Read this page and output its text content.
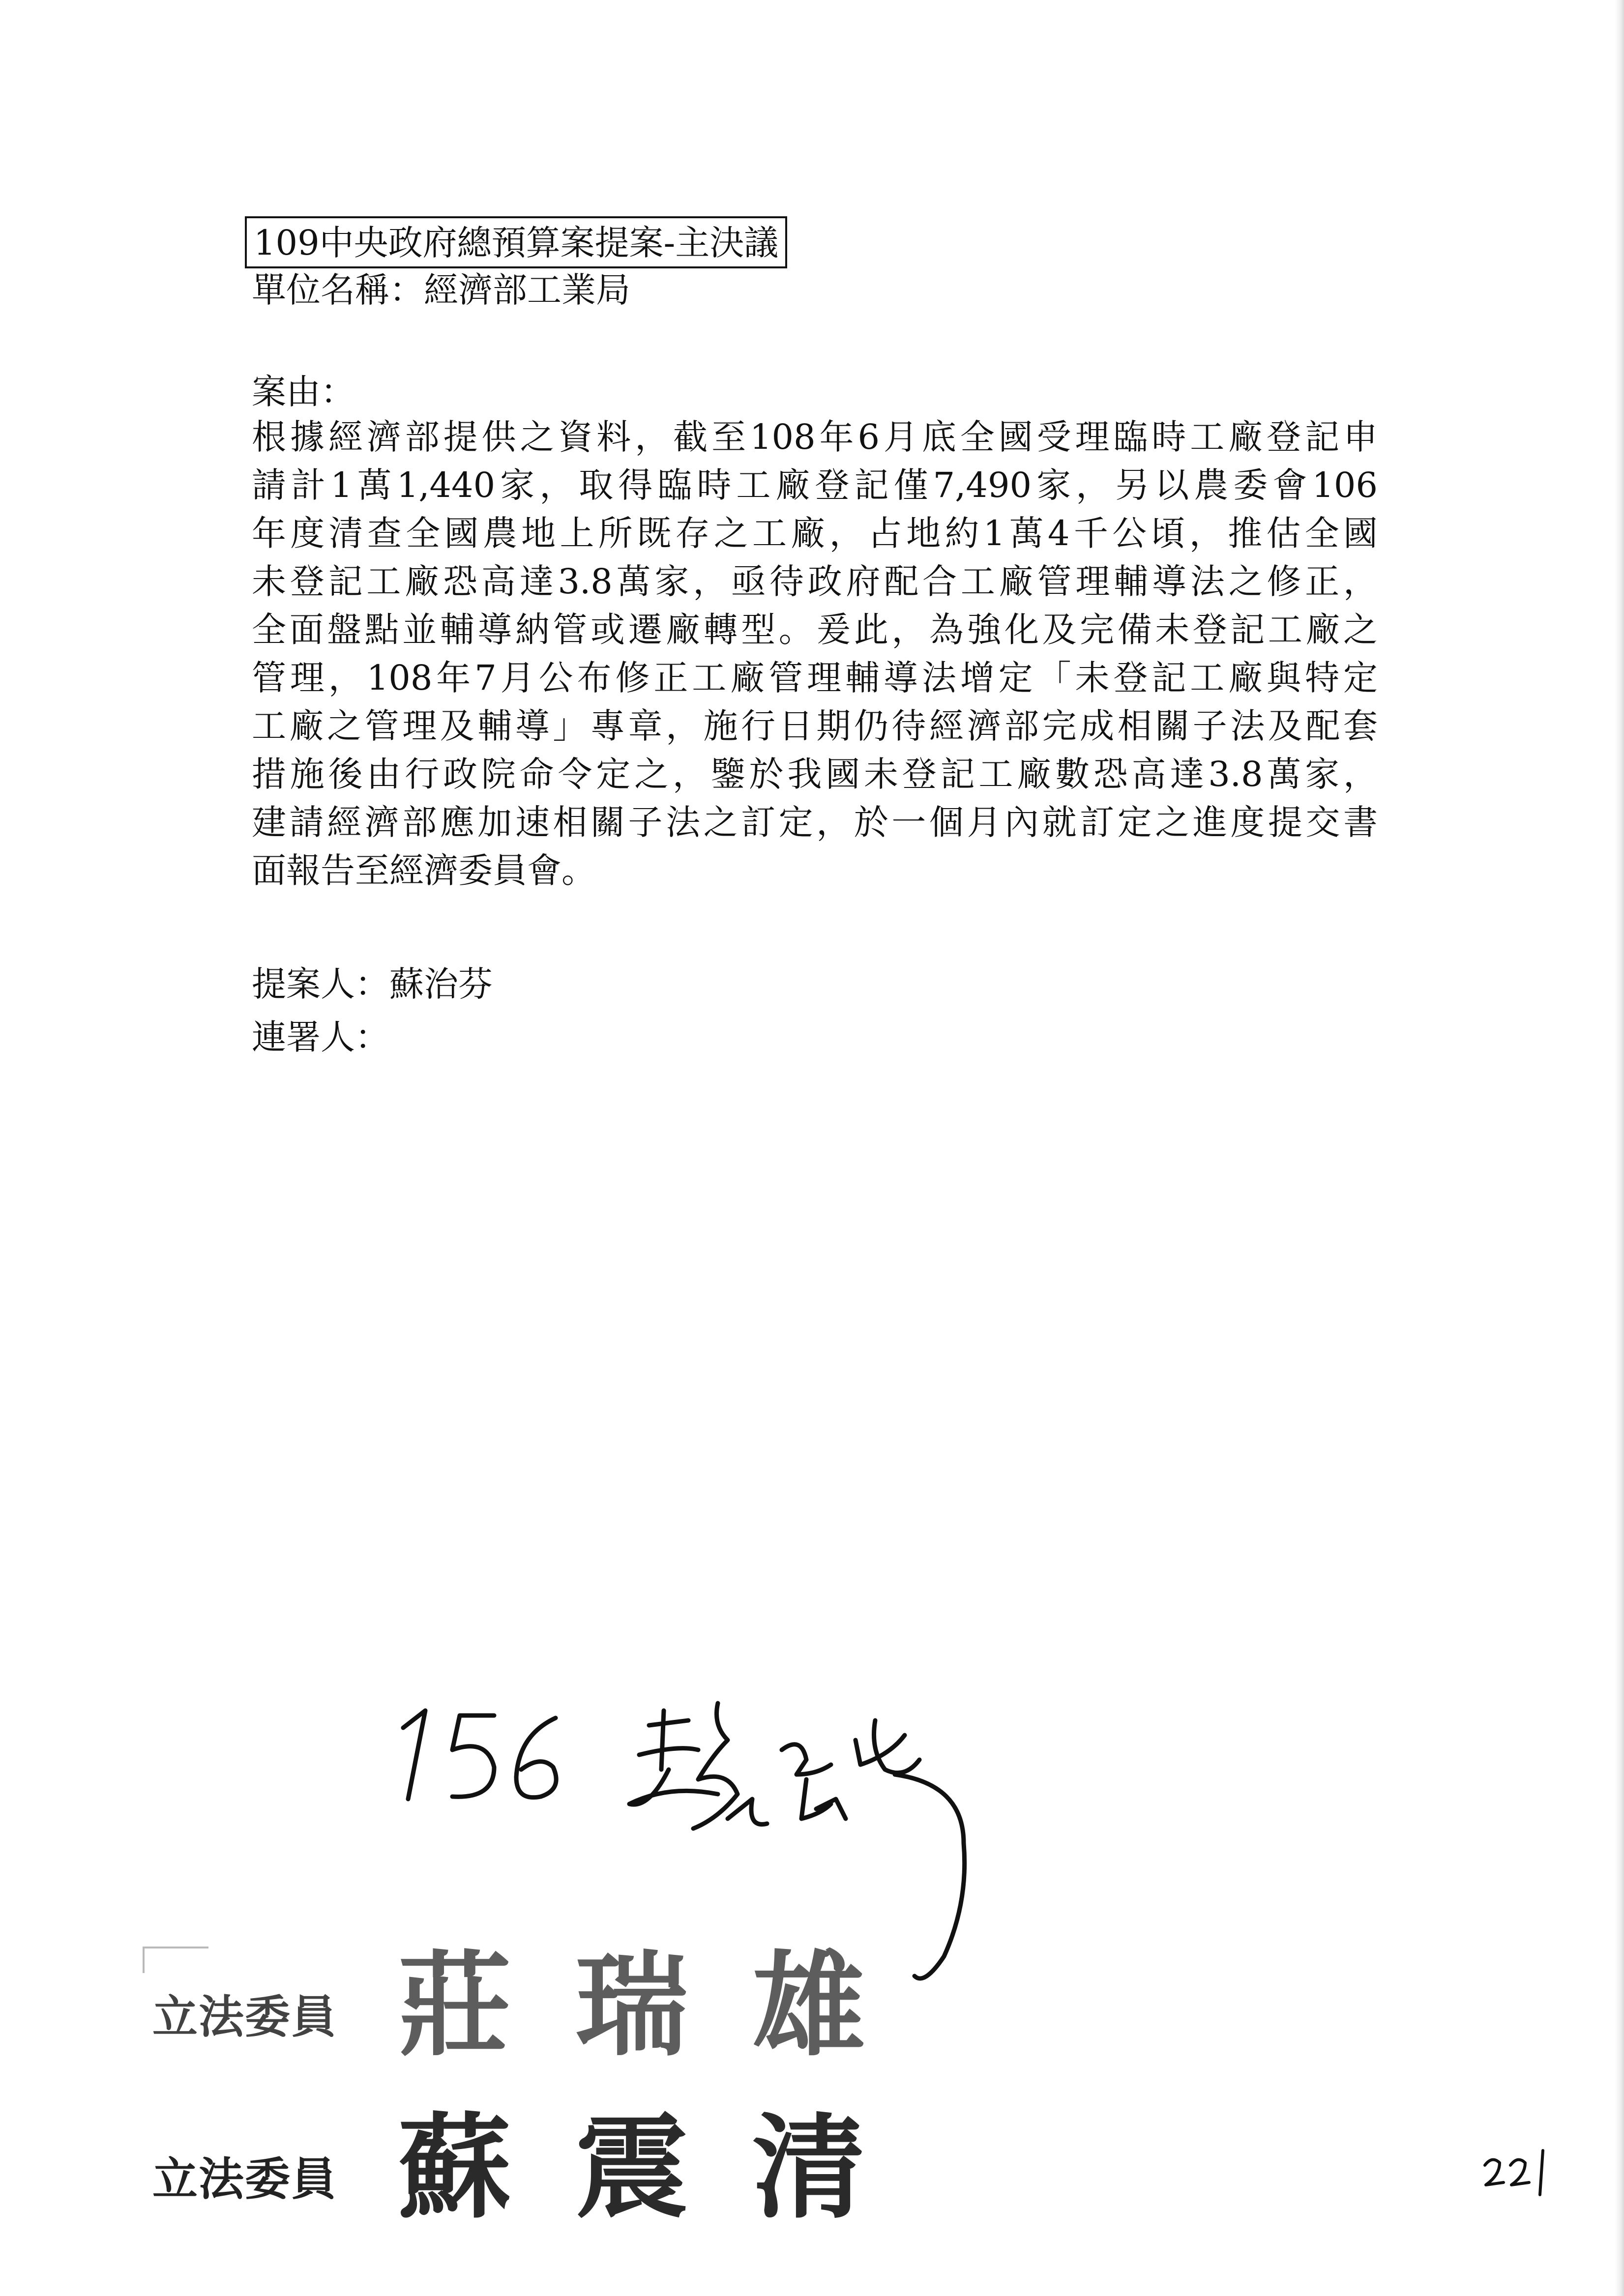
109中央政府總預算案提案-主決議
單位名稱：經濟部工業局
案由：
根據經濟部提供之資料，截至108年6月底全國受理臨時工廠登記申
請計1萬1,440家，取得臨時工廠登記僅7,490家，另以農委會106
年度清查全國農地上所既存之工廠，占地約1萬4千公頃，推估全國
未登記工廠恐高達3.8萬家，亟待政府配合工廠管理輔導法之修正，
全面盤點並輔導納管或遷廠轉型。爰此，為強化及完備未登記工廠之
管理，108年7月公布修正工廠管理輔導法增定「未登記工廠與特定
工廠之管理及輔導」專章，施行日期仍待經濟部完成相關子法及配套
措施後由行政院命令定之，鑒於我國未登記工廠數恐高達3.8萬家，
建請經濟部應加速相關子法之訂定，於一個月內就訂定之進度提交書
面報告至經濟委員會。
提案人：蘇治芬
連署人：
立法委員 莊瑞雄
立法委員 蘇震清
